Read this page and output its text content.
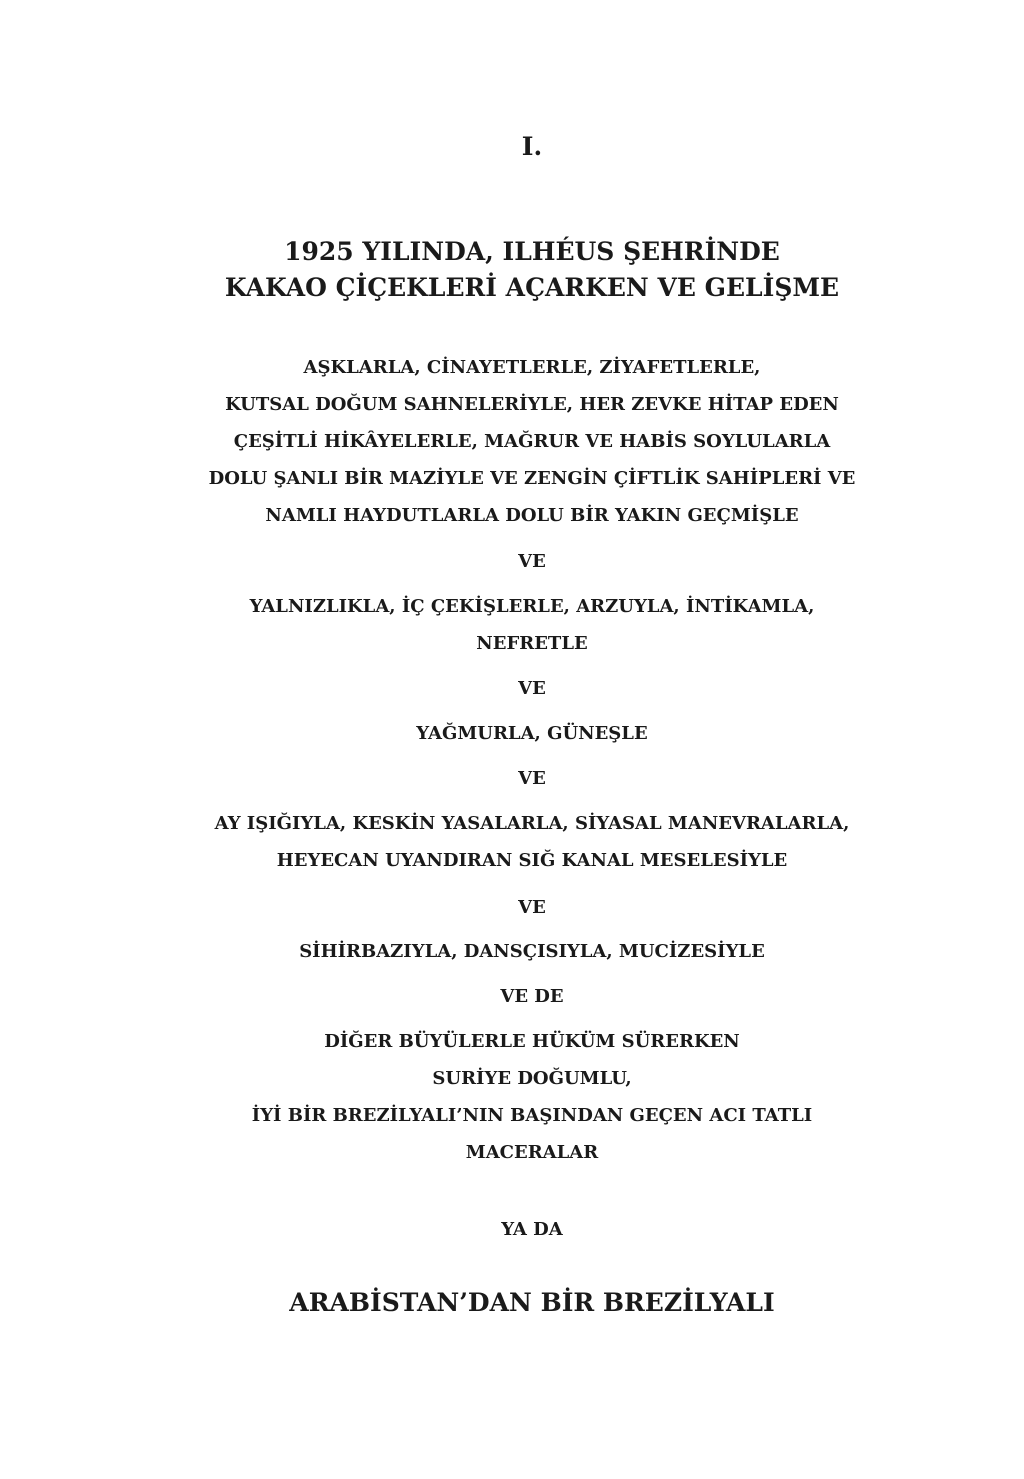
I.
1925 YILINDA, ILHÉUS ŞEHRİNDE
KAKAO ÇİÇEKLERİ AÇARKEN VE GELİŞME
AŞKLARLA, CİNAYETLERLE, ZİYAFETLERLE,
KUTSAL DOĞUM SAHNELERİYLE, HER ZEVKE HİTAP EDEN
ÇEŞİTLİ HİKÂYELERLE, MAĞRUR VE HABİS SOYLULARLA
DOLU ŞANLI BİR MAZİYLE VE ZENGİN ÇİFTLİK SAHİPLERİ VE
NAMLI HAYDUTLARLA DOLU BİR YAKIN GEÇMİŞLE
VE
YALNIZLIKLA, İÇ ÇEKİŞLERLE, ARZUYLA, İNTİKAMLA,
NEFRETLE
VE
YAĞMURLA, GÜNEŞLE
VE
AY IŞIĞIYLA, KESKİN YASALARLA, SİYASAL MANEVRALARLA,
HEYECAN UYANDIRAN SIĞ KANAL MESELESİYLE
VE
SİHİRBAZIYLA, DANSÇISIYLA, MUCİZESİYLE
VE DE
DİĞER BÜYÜLERLE HÜKÜM SÜRERKEN
SURİYE DOĞUMLU,
İYİ BİR BREZİLYALI’NIN BAŞINDAN GEÇEN ACI TATLI
MACERALAR
YA DA
ARABİSTAN’DAN BİR BREZİLYALI
